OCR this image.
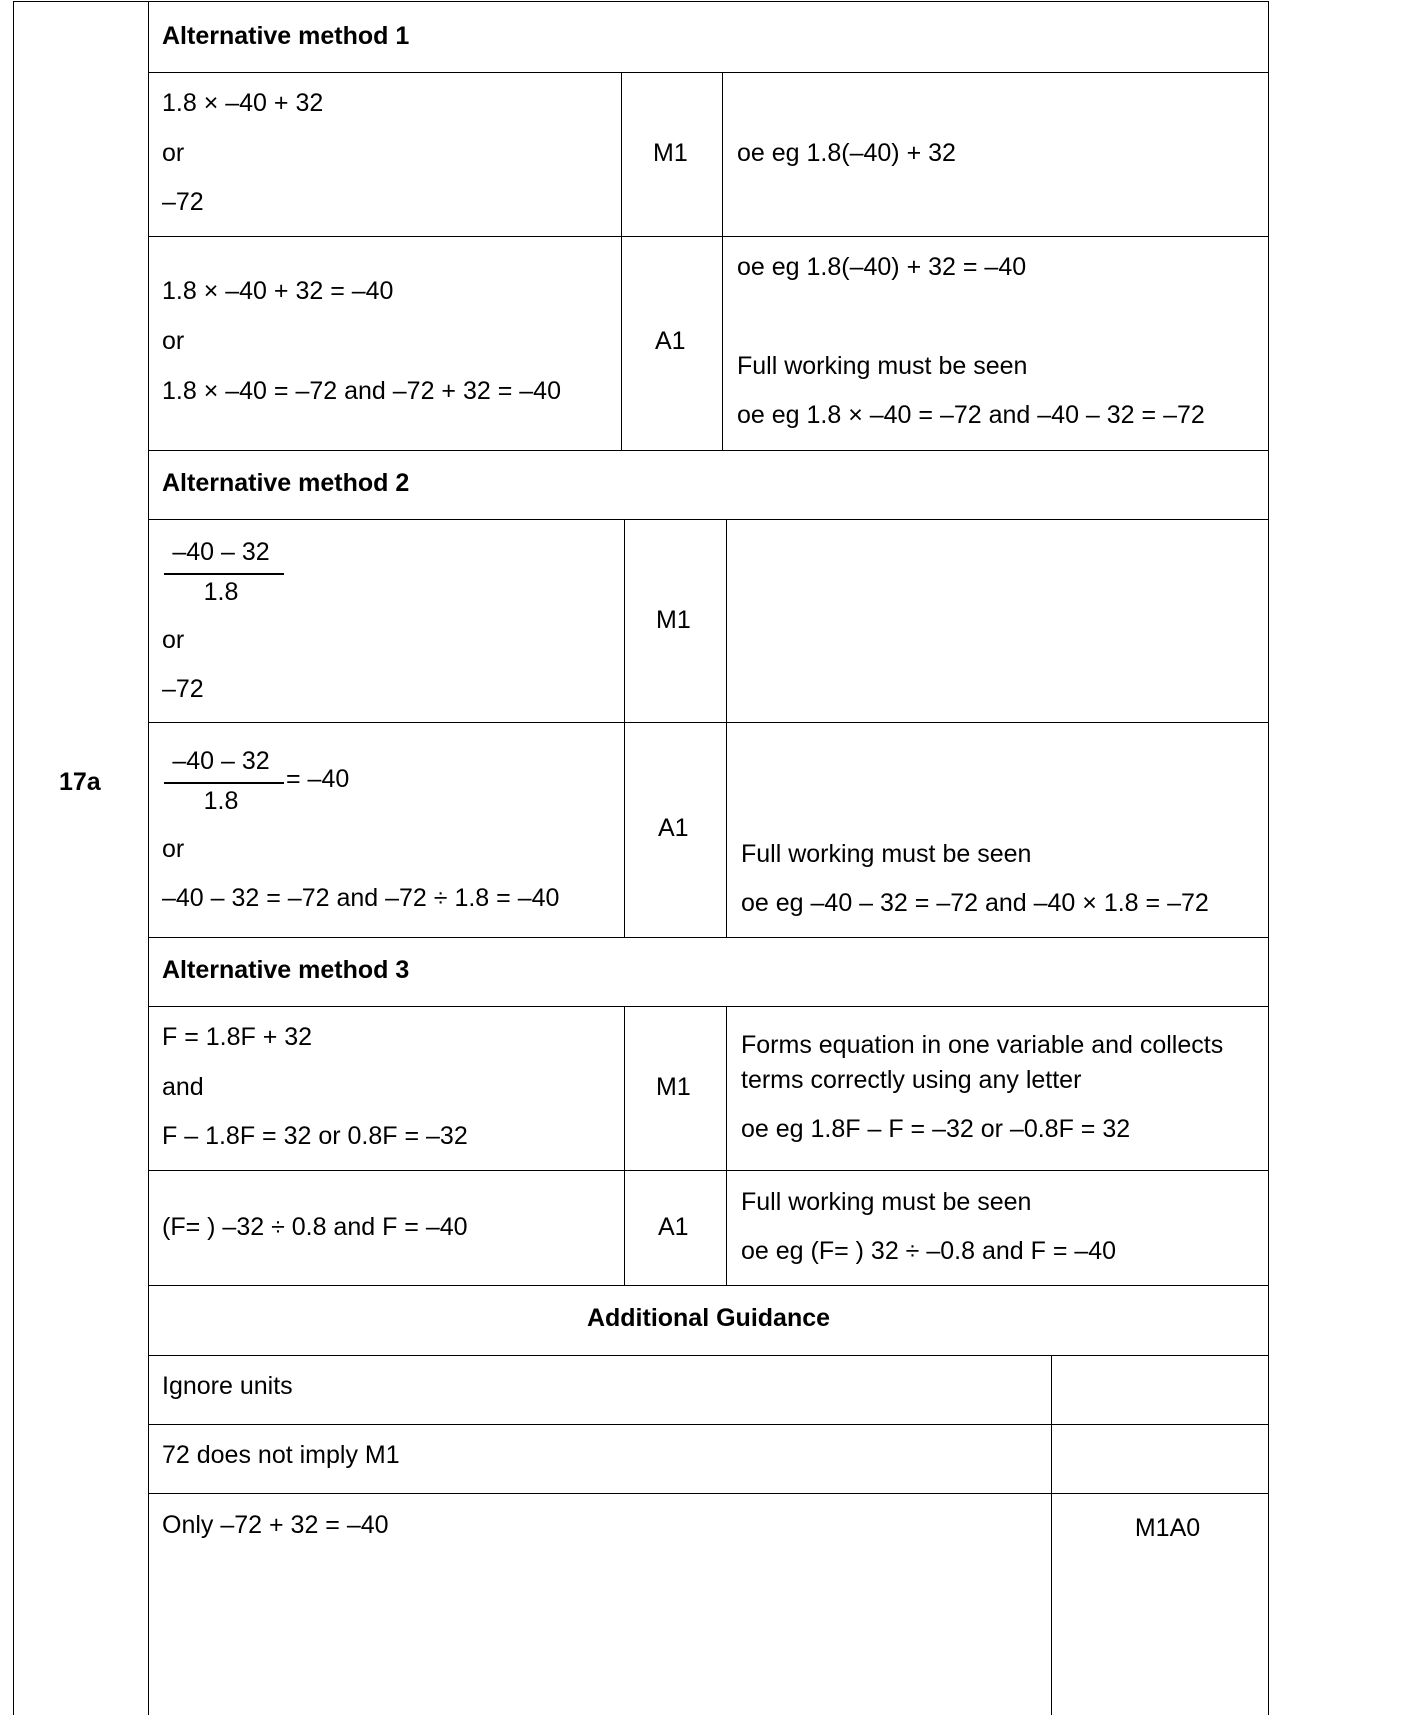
17a
Alternative method 1
1.8 × –40 + 32
or
–72
M1 oe eg 1.8(–40) + 32
1.8 × –40 + 32 = –40
or
1.8 × –40 = –72 and –72 + 32 = –40
A1
oe eg 1.8(–40) + 32 = –40
Full working must be seen
oe eg 1.8 × –40 = –72 and –40 – 32 = –72
Alternative method 2
–40 – 32
1.8
or
–72
M1
–40 – 32
1.8
= –40
or
–40 – 32 = –72 and –72 ÷ 1.8 = –40
A1
Full working must be seen
oe eg –40 – 32 = –72 and –40 × 1.8 = –72
Alternative method 3
F = 1.8F + 32
and
F – 1.8F = 32 or 0.8F = –32
M1
Forms equation in one variable and collects
terms correctly using any letter
oe eg 1.8F – F = –32 or –0.8F = 32
(F= ) –32 ÷ 0.8 and F = –40	A1
Full working must be seen
oe eg (F= ) 32 ÷ –0.8 and F = –40
Additional Guidance
Ignore units
72 does not imply M1
Only –72 + 32 = –40	M1A0
